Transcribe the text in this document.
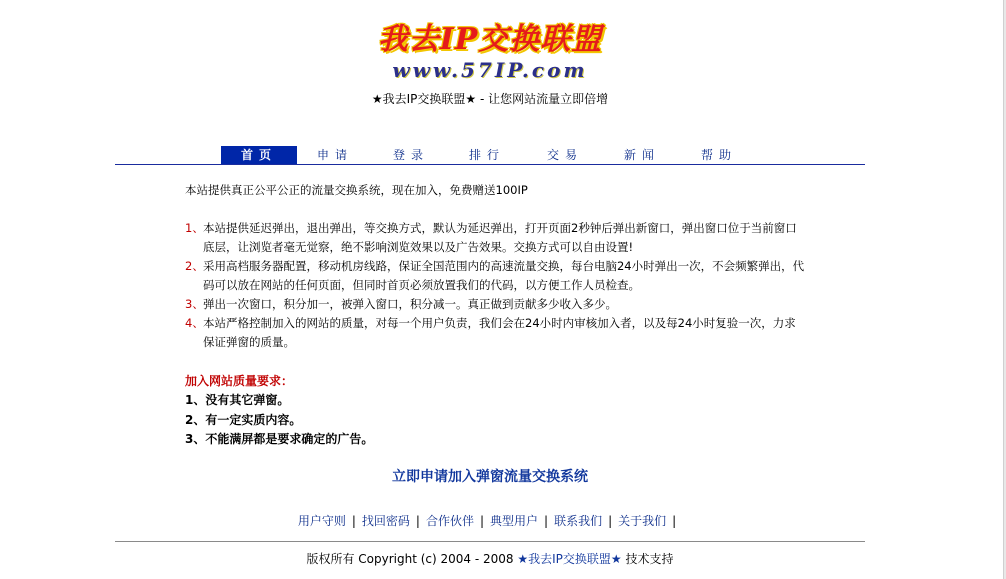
我去IP交换联盟
www.57IP.com
★我去IP交换联盟★ - 让您网站流量立即倍增
首页	申请	登录	排行	交易	新闻	帮助
本站提供真正公平公正的流量交换系统，现在加入，免费赠送100IP
1、 本站提供延迟弹出，退出弹出，等交换方式，默认为延迟弹出，打开页面2秒钟后弹出新窗口，弹出窗口位于当前窗口底层，让浏览者毫无觉察，绝不影响浏览效果以及广告效果。交换方式可以自由设置!
2、 采用高档服务器配置，移动机房线路，保证全国范围内的高速流量交换，每台电脑24小时弹出一次，不会频繁弹出，代码可以放在网站的任何页面，但同时首页必须放置我们的代码，以方便工作人员检查。
3、 弹出一次窗口，积分加一，被弹入窗口，积分减一。真正做到贡献多少收入多少。
4、 本站严格控制加入的网站的质量，对每一个用户负责，我们会在24小时内审核加入者，以及每24小时复验一次，力求保证弹窗的质量。
加入网站质量要求：
1、没有其它弹窗。
2、有一定实质内容。
3、不能满屏都是要求确定的广告。
立即申请加入弹窗流量交换系统
用户守则 | 找回密码 | 合作伙伴 | 典型用户 | 联系我们 | 关于我们 |
版权所有 Copyright (c) 2004 - 2008 ★我去IP交换联盟★ 技术支持
